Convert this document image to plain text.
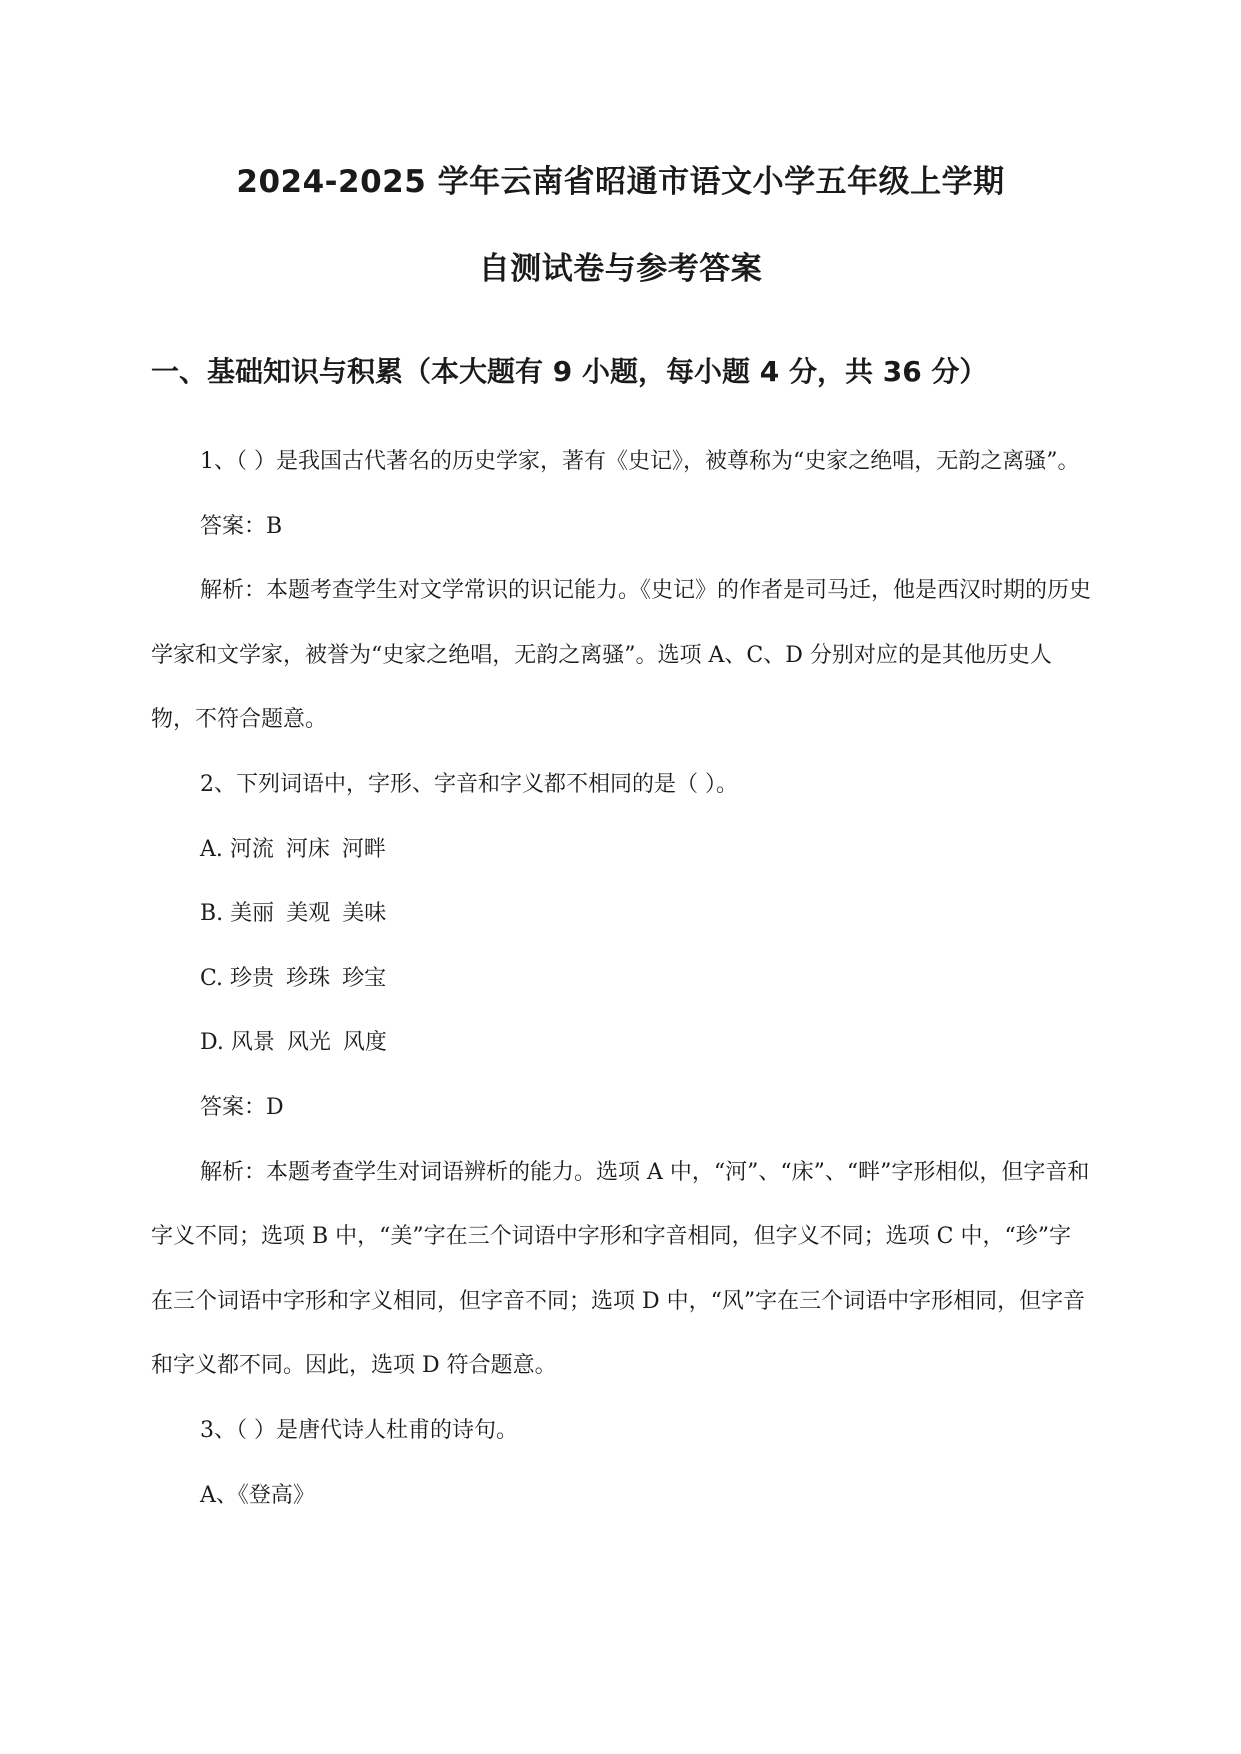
2024-2025 学年云南省昭通市语文小学五年级上学期
自测试卷与参考答案
一、基础知识与积累（本大题有 9 小题，每小题 4 分，共 36 分）

1、（ ）是我国古代著名的历史学家，著有《史记》，被尊称为“史家之绝唱，无韵之离骚”。

答案：B

解析：本题考查学生对文学常识的识记能力。《史记》的作者是司马迁，他是西汉时期的历史学家和文学家，被誉为“史家之绝唱，无韵之离骚”。选项 A、C、D 分别对应的是其他历史人物，不符合题意。

2、下列词语中，字形、字音和字义都不相同的是（ ）。

A. 河流 河床 河畔

B. 美丽 美观 美味

C. 珍贵 珍珠 珍宝

D. 风景 风光 风度

答案：D

解析：本题考查学生对词语辨析的能力。选项 A 中，“河”、“床”、“畔”字形相似，但字音和字义不同；选项 B 中，“美”字在三个词语中字形和字音相同，但字义不同；选项 C 中，“珍”字在三个词语中字形和字义相同，但字音不同；选项 D 中，“风”字在三个词语中字形相同，但字音和字义都不同。因此，选项 D 符合题意。

3、（ ）是唐代诗人杜甫的诗句。

A、《登高》
